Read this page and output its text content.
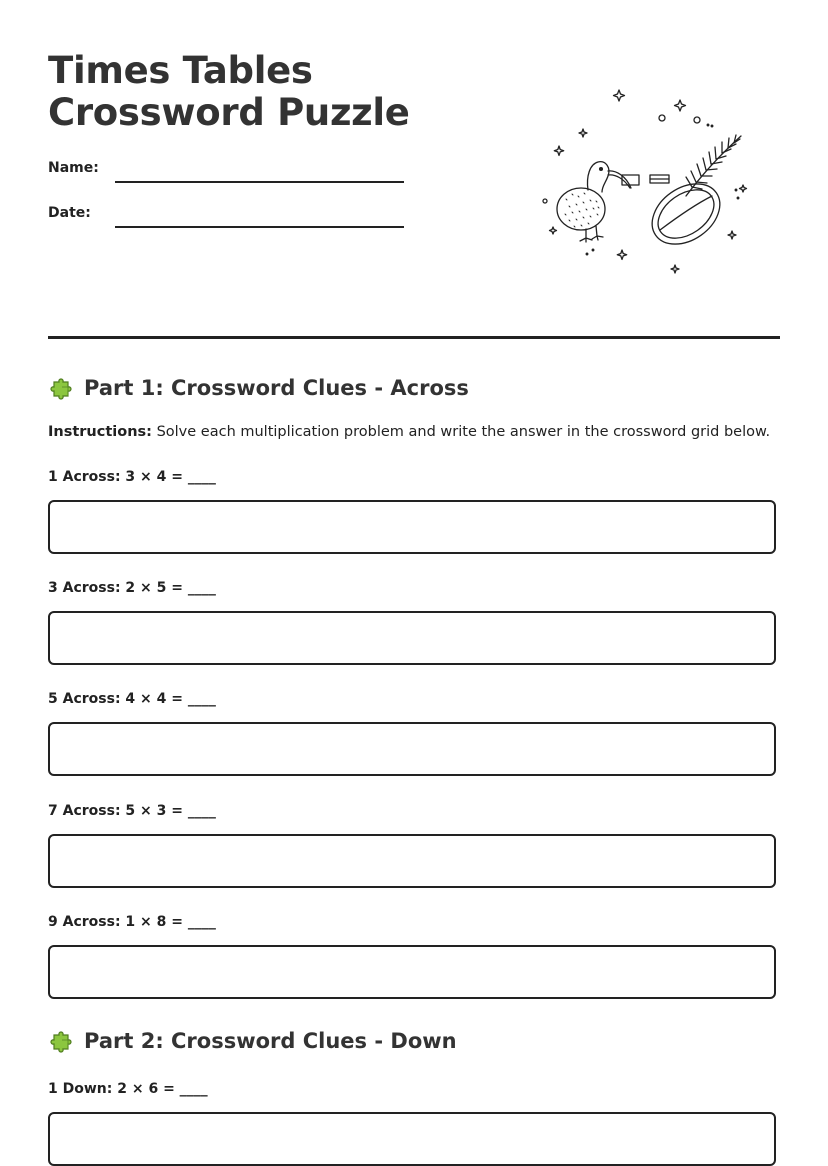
Times Tables Crossword Puzzle
Name:
Date:
Part 1: Crossword Clues - Across
Instructions: Solve each multiplication problem and write the answer in the crossword grid below.
1 Across: 3 × 4 = ____
3 Across: 2 × 5 = ____
5 Across: 4 × 4 = ____
7 Across: 5 × 3 = ____
9 Across: 1 × 8 = ____
Part 2: Crossword Clues - Down
1 Down: 2 × 6 = ____
